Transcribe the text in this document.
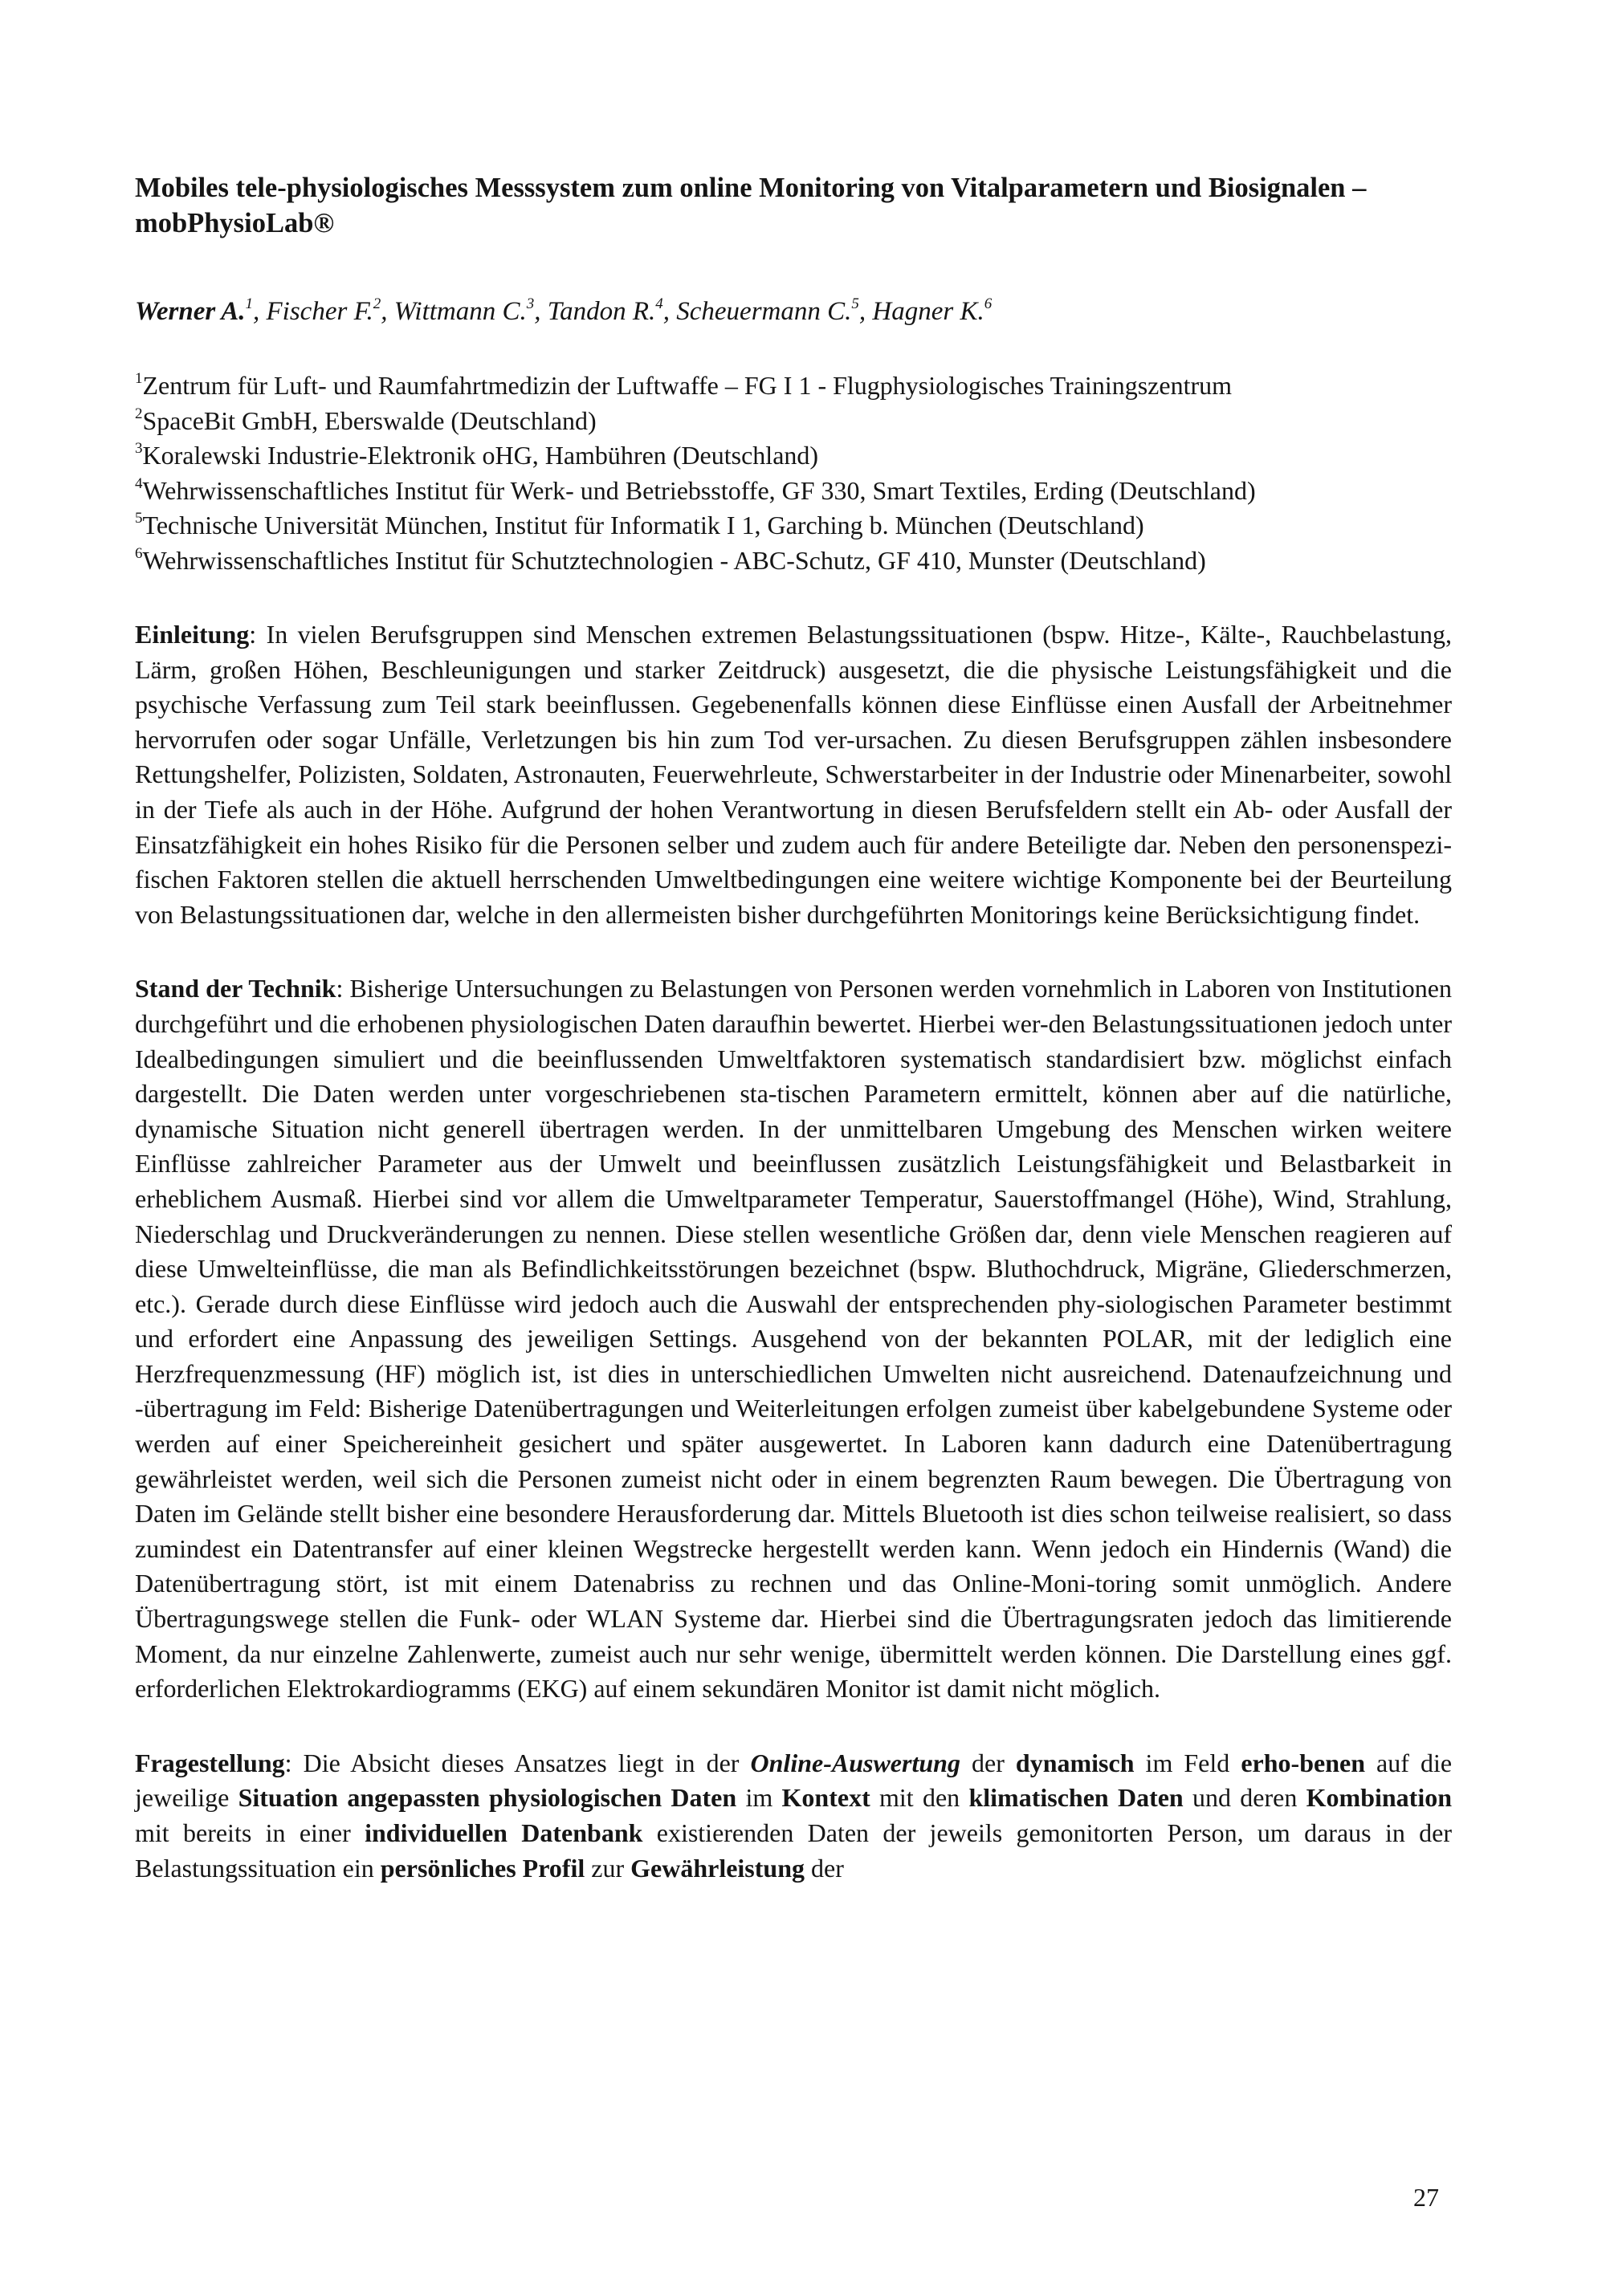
Mobiles tele-physiologisches Messsystem zum online Monitoring von Vitalparametern und Biosignalen – mobPhysioLab®

Werner A.$^1$, Fischer F.$^2$, Wittmann C.$^3$, Tandon R.$^4$, Scheuermann C.$^5$, Hagner K.$^6$

$^1$Zentrum für Luft- und Raumfahrtmedizin der Luftwaffe – FG I 1 - Flugphysiologisches Trainingszentrum
$^2$SpaceBit GmbH, Eberswalde (Deutschland)
$^3$Koralewski Industrie-Elektronik oHG, Hambühren (Deutschland)
$^4$Wehrwissenschaftliches Institut für Werk- und Betriebsstoffe, GF 330, Smart Textiles, Erding (Deutschland)
$^5$Technische Universität München, Institut für Informatik I 1, Garching b. München (Deutschland)
$^6$Wehrwissenschaftliches Institut für Schutztechnologien - ABC-Schutz, GF 410, Munster (Deutschland)

Einleitung: In vielen Berufsgruppen sind Menschen extremen Belastungssituationen (bspw. Hitze-, Kälte-, Rauchbelastung, Lärm, großen Höhen, Beschleunigungen und starker Zeitdruck) ausgesetzt, die die physische Leistungsfähigkeit und die psychische Verfassung zum Teil stark beeinflussen. Gegebenenfalls können diese Einflüsse einen Ausfall der Arbeitnehmer hervorrufen oder sogar Unfälle, Verletzungen bis hin zum Tod ver-ursachen. Zu diesen Berufsgruppen zählen insbesondere Rettungshelfer, Polizisten, Soldaten, Astronauten, Feuerwehrleute, Schwerstarbeiter in der Industrie oder Minenarbeiter, sowohl in der Tiefe als auch in der Höhe. Aufgrund der hohen Verantwortung in diesen Berufsfeldern stellt ein Ab- oder Ausfall der Einsatzfähigkeit ein hohes Risiko für die Personen selber und zudem auch für andere Beteiligte dar. Neben den personenspezi-fischen Faktoren stellen die aktuell herrschenden Umweltbedingungen eine weitere wichtige Komponente bei der Beurteilung von Belastungssituationen dar, welche in den allermeisten bisher durchgeführten Monitorings keine Berücksichtigung findet.

Stand der Technik: Bisherige Untersuchungen zu Belastungen von Personen werden vornehmlich in Laboren von Institutionen durchgeführt und die erhobenen physiologischen Daten daraufhin bewertet. Hierbei wer-den Belastungssituationen jedoch unter Idealbedingungen simuliert und die beeinflussenden Umweltfaktoren systematisch standardisiert bzw. möglichst einfach dargestellt. Die Daten werden unter vorgeschriebenen sta-tischen Parametern ermittelt, können aber auf die natürliche, dynamische Situation nicht generell übertragen werden. In der unmittelbaren Umgebung des Menschen wirken weitere Einflüsse zahlreicher Parameter aus der Umwelt und beeinflussen zusätzlich Leistungsfähigkeit und Belastbarkeit in erheblichem Ausmaß. Hierbei sind vor allem die Umweltparameter Temperatur, Sauerstoffmangel (Höhe), Wind, Strahlung, Niederschlag und Druckveränderungen zu nennen. Diese stellen wesentliche Größen dar, denn viele Menschen reagieren auf diese Umwelteinflüsse, die man als Befindlichkeitsstörungen bezeichnet (bspw. Bluthochdruck, Migräne, Gliederschmerzen, etc.). Gerade durch diese Einflüsse wird jedoch auch die Auswahl der entsprechenden phy-siologischen Parameter bestimmt und erfordert eine Anpassung des jeweiligen Settings. Ausgehend von der bekannten POLAR, mit der lediglich eine Herzfrequenzmessung (HF) möglich ist, ist dies in unterschiedlichen Umwelten nicht ausreichend. Datenaufzeichnung und -übertragung im Feld: Bisherige Datenübertragungen und Weiterleitungen erfolgen zumeist über kabelgebundene Systeme oder werden auf einer Speichereinheit gesichert und später ausgewertet. In Laboren kann dadurch eine Datenübertragung gewährleistet werden, weil sich die Personen zumeist nicht oder in einem begrenzten Raum bewegen. Die Übertragung von Daten im Gelände stellt bisher eine besondere Herausforderung dar. Mittels Bluetooth ist dies schon teilweise realisiert, so dass zumindest ein Datentransfer auf einer kleinen Wegstrecke hergestellt werden kann. Wenn jedoch ein Hindernis (Wand) die Datenübertragung stört, ist mit einem Datenabriss zu rechnen und das Online-Moni-toring somit unmöglich. Andere Übertragungswege stellen die Funk- oder WLAN Systeme dar. Hierbei sind die Übertragungsraten jedoch das limitierende Moment, da nur einzelne Zahlenwerte, zumeist auch nur sehr wenige, übermittelt werden können. Die Darstellung eines ggf. erforderlichen Elektrokardiogramms (EKG) auf einem sekundären Monitor ist damit nicht möglich.

Fragestellung: Die Absicht dieses Ansatzes liegt in der Online-Auswertung der dynamisch im Feld erho-benen auf die jeweilige Situation angepassten physiologischen Daten im Kontext mit den klimatischen Daten und deren Kombination mit bereits in einer individuellen Datenbank existierenden Daten der jeweils gemonitorten Person, um daraus in der Belastungssituation ein persönliches Profil zur Gewährleistung der

27
